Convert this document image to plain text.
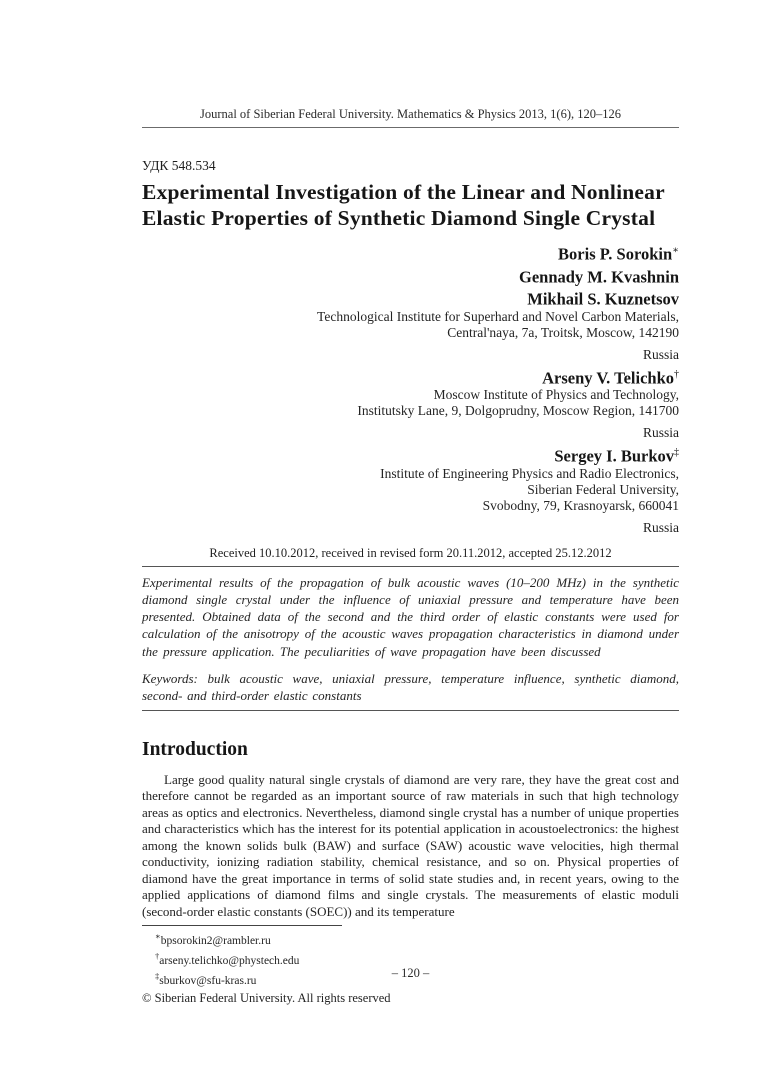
Journal of Siberian Federal University. Mathematics & Physics 2013, 1(6), 120–126
УДК 548.534
Experimental Investigation of the Linear and Nonlinear
Elastic Properties of Synthetic Diamond Single Crystal
Boris P. Sorokin∗
Gennady M. Kvashnin
Mikhail S. Kuznetsov
Technological Institute for Superhard and Novel Carbon Materials,
Central'naya, 7a, Troitsk, Moscow, 142190
Russia
Arseny V. Telichko†
Moscow Institute of Physics and Technology,
Institutsky Lane, 9, Dolgoprudny, Moscow Region, 141700
Russia
Sergey I. Burkov‡
Institute of Engineering Physics and Radio Electronics,
Siberian Federal University,
Svobodny, 79, Krasnoyarsk, 660041
Russia
Received 10.10.2012, received in revised form 20.11.2012, accepted 25.12.2012

Experimental results of the propagation of bulk acoustic waves (10–200 MHz) in the synthetic diamond single crystal under the influence of uniaxial pressure and temperature have been presented. Obtained data of the second and the third order of elastic constants were used for calculation of the anisotropy of the acoustic waves propagation characteristics in diamond under the pressure application. The peculiarities of wave propagation have been discussed

Keywords: bulk acoustic wave, uniaxial pressure, temperature influence, synthetic diamond, second- and third-order elastic constants

Introduction

Large good quality natural single crystals of diamond are very rare, they have the great cost and therefore cannot be regarded as an important source of raw materials in such that high technology areas as optics and electronics. Nevertheless, diamond single crystal has a number of unique properties and characteristics which has the interest for its potential application in acoustoelectronics: the highest among the known solids bulk (BAW) and surface (SAW) acoustic wave velocities, high thermal conductivity, ionizing radiation stability, chemical resistance, and so on. Physical properties of diamond have the great importance in terms of solid state studies and, in recent years, owing to the applied applications of diamond films and single crystals. The measurements of elastic moduli (second-order elastic constants (SOEC)) and its temperature

∗bpsorokin2@rambler.ru
†arseny.telichko@phystech.edu
‡sburkov@sfu-kras.ru
© Siberian Federal University. All rights reserved
– 120 –
